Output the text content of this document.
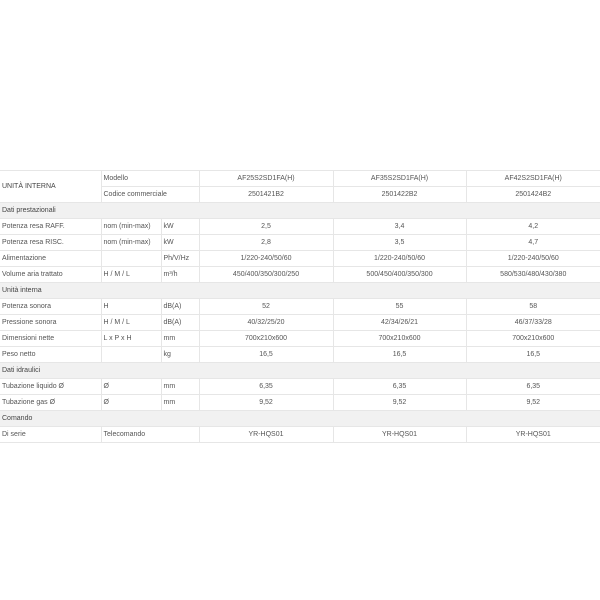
UNITÀ INTERNA	Modello		AF25S2SD1FA(H)	AF35S2SD1FA(H)	AF42S2SD1FA(H)
	Codice commerciale		2501421B2	2501422B2	2501424B2
Dati prestazionali					
Potenza resa RAFF.	nom (min-max)	kW	2,5	3,4	4,2
Potenza resa RISC.	nom (min-max)	kW	2,8	3,5	4,7
Alimentazione		Ph/V/Hz	1/220-240/50/60	1/220-240/50/60	1/220-240/50/60
Volume aria trattato	H / M / L	m³/h	450/400/350/300/250	500/450/400/350/300	580/530/480/430/380
Unità interna					
Potenza sonora	H	dB(A)	52	55	58
Pressione sonora	H / M / L	dB(A)	40/32/25/20	42/34/26/21	46/37/33/28
Dimensioni nette	L x P x H	mm	700x210x600	700x210x600	700x210x600
Peso netto		kg	16,5	16,5	16,5
Dati idraulici					
Tubazione liquido Ø	Ø	mm	6,35	6,35	6,35
Tubazione gas Ø	Ø	mm	9,52	9,52	9,52
Comando					
Di serie	Telecomando		YR-HQS01	YR-HQS01	YR-HQS01
